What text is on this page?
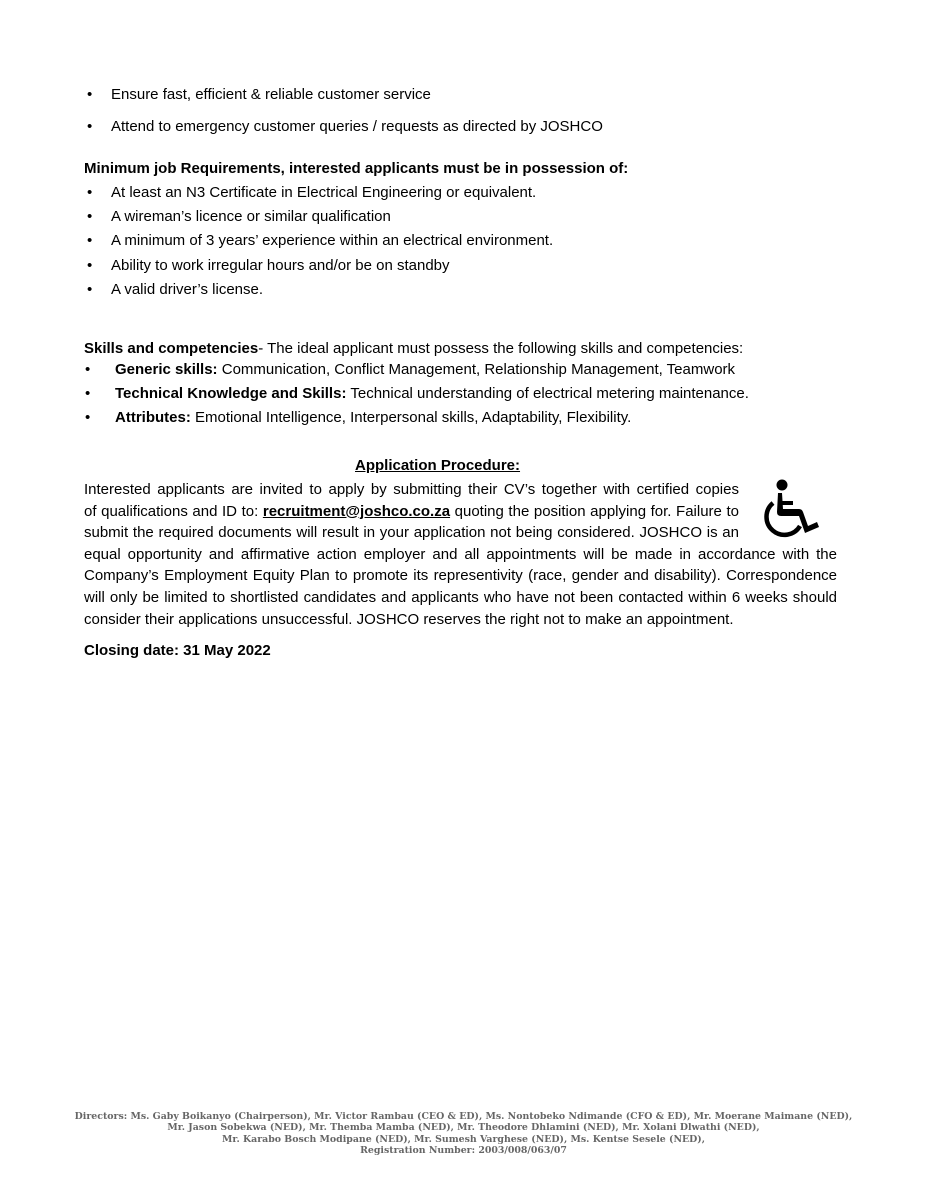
• Ensure fast, efficient & reliable customer service
• Attend to emergency customer queries / requests as directed by JOSHCO
Minimum job Requirements, interested applicants must be in possession of:
• At least an N3 Certificate in Electrical Engineering or equivalent.
• A wireman’s licence or similar qualification
• A minimum of 3 years’ experience within an electrical environment.
• Ability to work irregular hours and/or be on standby
• A valid driver’s license.
Skills and competencies- The ideal applicant must possess the following skills and competencies:
• Generic skills: Communication, Conflict Management, Relationship Management, Teamwork
• Technical Knowledge and Skills: Technical understanding of electrical metering maintenance.
• Attributes: Emotional Intelligence, Interpersonal skills, Adaptability, Flexibility.
Application Procedure:
Interested applicants are invited to apply by submitting their CV’s together with certified copies
of qualifications and ID to: recruitment@joshco.co.za quoting the position applying for. Failure to
submit the required documents will result in your application not being considered. JOSHCO is an
equal opportunity and affirmative action employer and all appointments will be made in accordance with the
Company’s Employment Equity Plan to promote its representivity (race, gender and disability). Correspondence
will only be limited to shortlisted candidates and applicants who have not been contacted within 6 weeks should
consider their applications unsuccessful. JOSHCO reserves the right not to make an appointment.
Closing date: 31 May 2022
Directors: Ms. Gaby Boikanyo (Chairperson), Mr. Victor Rambau (CEO & ED), Ms. Nontobeko Ndimande (CFO & ED), Mr. Moerane Maimane (NED),
Mr. Jason Sobekwa (NED), Mr. Themba Mamba (NED), Mr. Theodore Dhlamini (NED), Mr. Xolani Dlwathi (NED),
Mr. Karabo Bosch Modipane (NED), Mr. Sumesh Varghese (NED), Ms. Kentse Sesele (NED),
Registration Number: 2003/008/063/07
